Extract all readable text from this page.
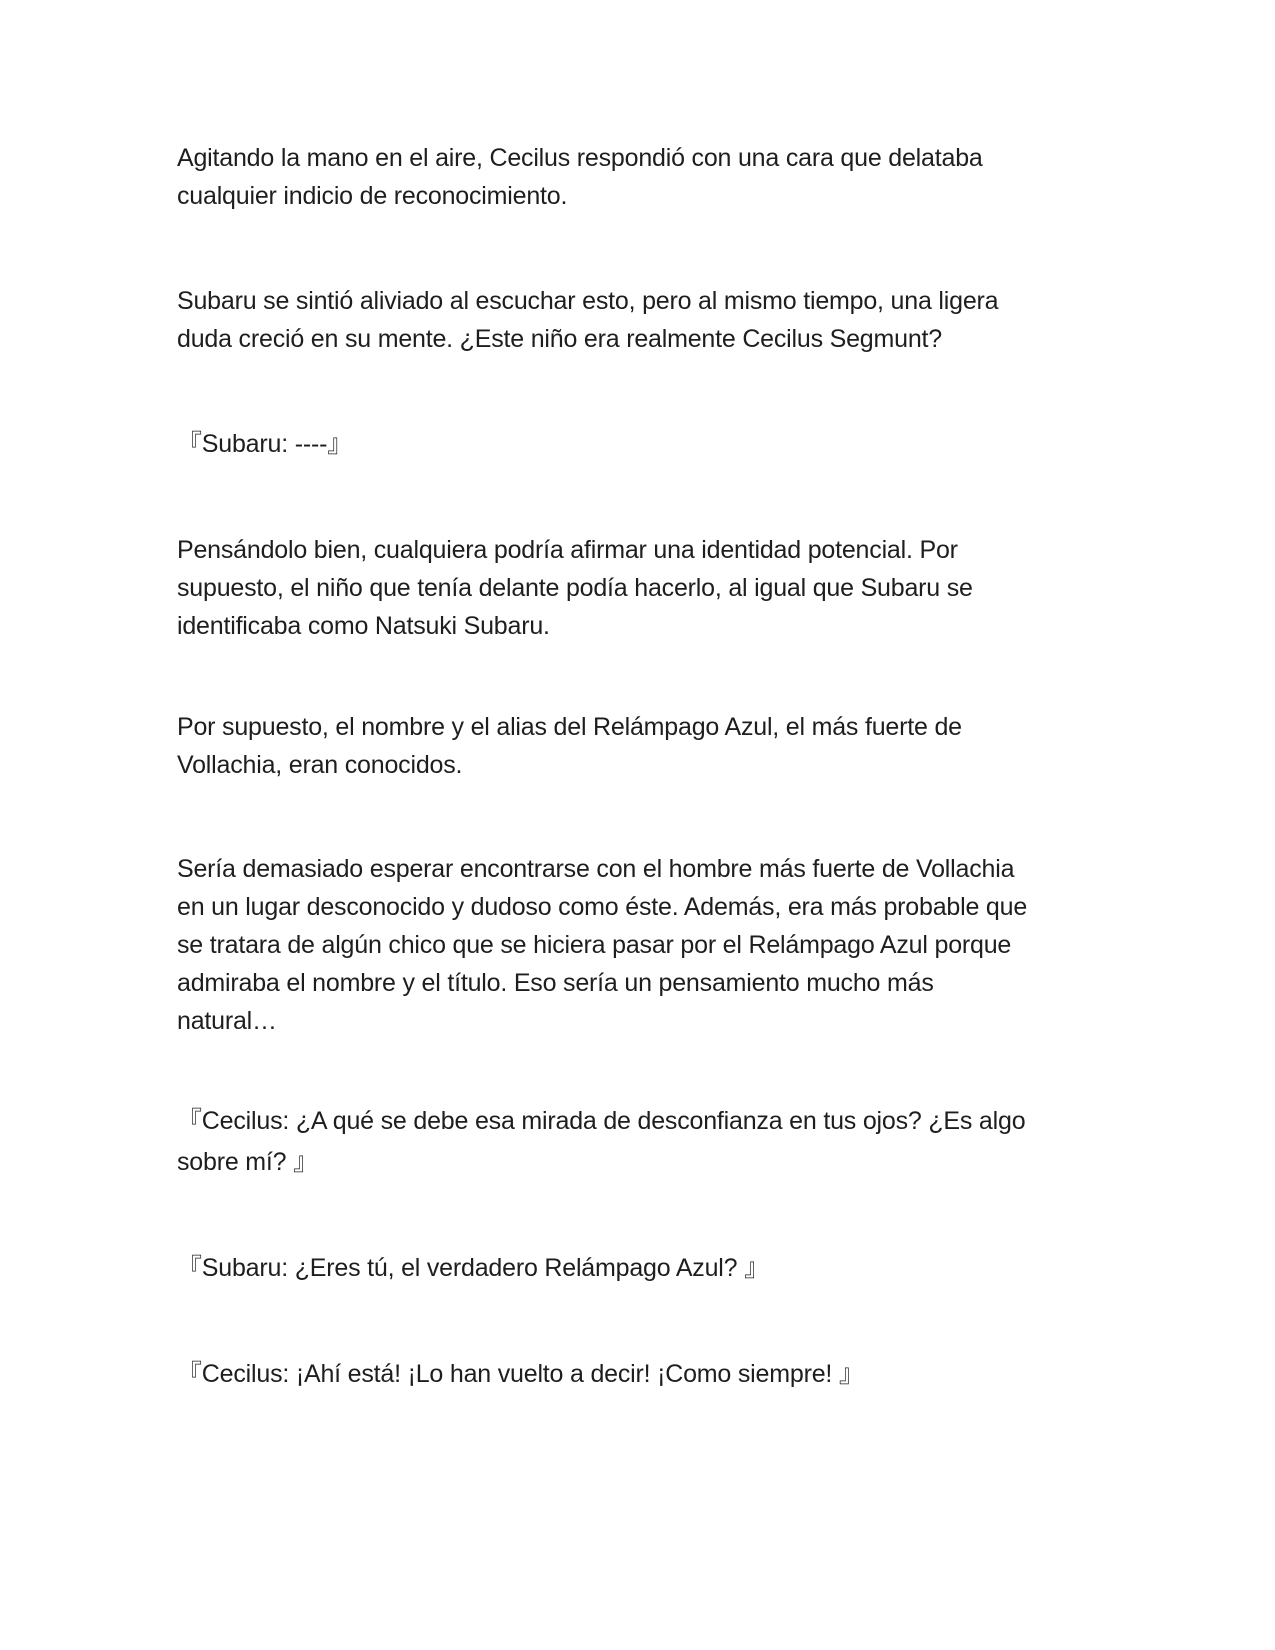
Agitando la mano en el aire, Cecilus respondió con una cara que delataba
cualquier indicio de reconocimiento.

Subaru se sintió aliviado al escuchar esto, pero al mismo tiempo, una ligera
duda creció en su mente. ¿Este niño era realmente Cecilus Segmunt?

『Subaru: ----』

Pensándolo bien, cualquiera podría afirmar una identidad potencial. Por
supuesto, el niño que tenía delante podía hacerlo, al igual que Subaru se
identificaba como Natsuki Subaru.

Por supuesto, el nombre y el alias del Relámpago Azul, el más fuerte de
Vollachia, eran conocidos.

Sería demasiado esperar encontrarse con el hombre más fuerte de Vollachia
en un lugar desconocido y dudoso como éste. Además, era más probable que
se tratara de algún chico que se hiciera pasar por el Relámpago Azul porque
admiraba el nombre y el título. Eso sería un pensamiento mucho más
natural…

『Cecilus: ¿A qué se debe esa mirada de desconfianza en tus ojos? ¿Es algo
sobre mí? 』

『Subaru: ¿Eres tú, el verdadero Relámpago Azul? 』

『Cecilus: ¡Ahí está! ¡Lo han vuelto a decir! ¡Como siempre! 』
